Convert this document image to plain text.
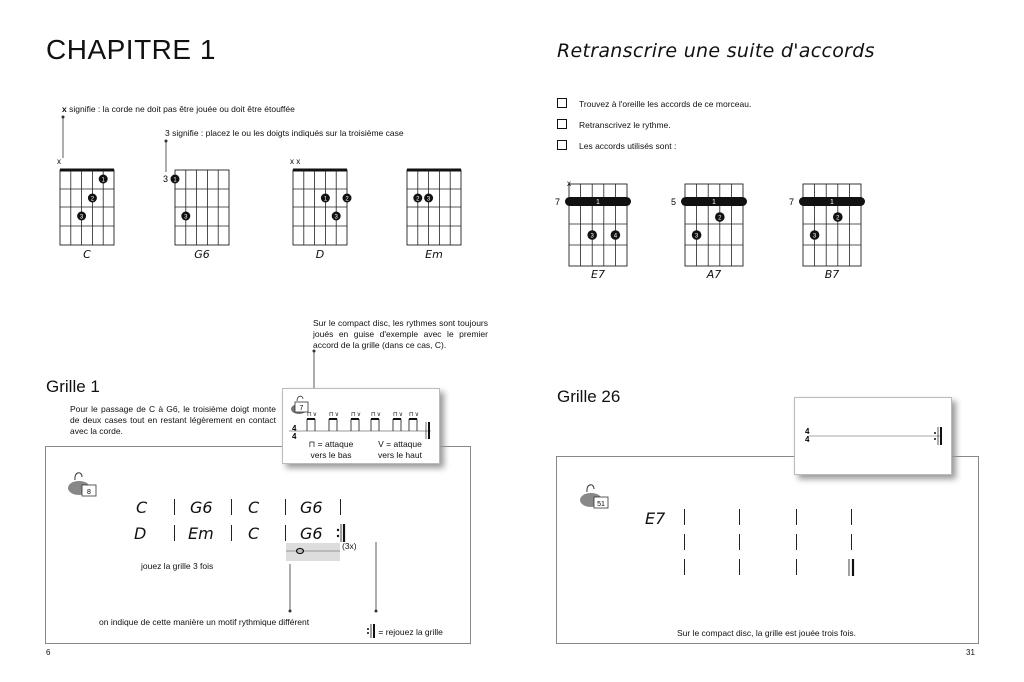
CHAPITRE 1
x signifie : la corde ne doit pas être jouée ou doit être étouffée
3 signifie : placez le ou les doigts indiqués sur la troisième case
x
1
2
3
3 1
3
x x
1	2
3
2 3
C	G6	D	Em
Sur le compact disc, les rythmes sont toujours joués en guise d'exemple avec le premier accord de la grille (dans ce cas, C).
Grille 1
Pour le passage de C à G6, le troisième doigt monte de deux cases tout en restant légèrement en contact avec la corde.
7
4
4
⊓ v ⊓ v ⊓ v ⊓ v ⊓ v ⊓ v
⊓ = attaque vers le bas
V = attaque vers le haut
8
C	G6 C	G6
D	Em C	G6
(3x)
jouez la grille 3 fois
on indique de cette manière un motif rythmique différent
= rejouez la grille
6
Retranscrire une suite d'accords
Trouvez à l'oreille les accords de ce morceau.
Retranscrivez le rythme.
Les accords utilisés sont :
x
7
3	4
5
2
3
7
2
3
E7	A7	B7
Grille 26
4
4
51
E7
Sur le compact disc, la grille est jouée trois fois.
31
